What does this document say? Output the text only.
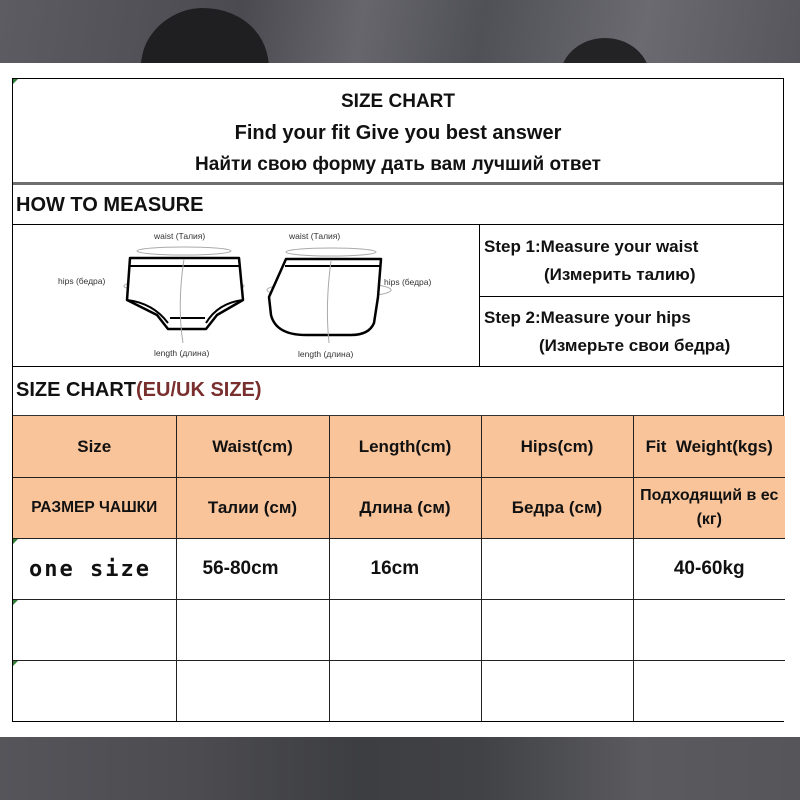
SIZE CHART
Find your fit Give you best answer
Найти свою форму дать вам лучший ответ
HOW TO MEASURE
waist (Талия)
hips (бедра)
length (длина)
waist (Талия)
hips (бедра)
length (длина)
Step 1:Measure your waist
(Измерить талию)
Step 2:Measure your hips
(Измерьте свои бедра)
SIZE CHART(EU/UK SIZE)
Size	Waist(cm)	Length(cm)	Hips(cm)	Fit  Weight(kgs)
РАЗМЕР ЧАШКИ	Талии (см)	Длина (см)	Бедра (см)	Подходящий в ес (кг)
one size	56-80cm	16cm		40-60kg
